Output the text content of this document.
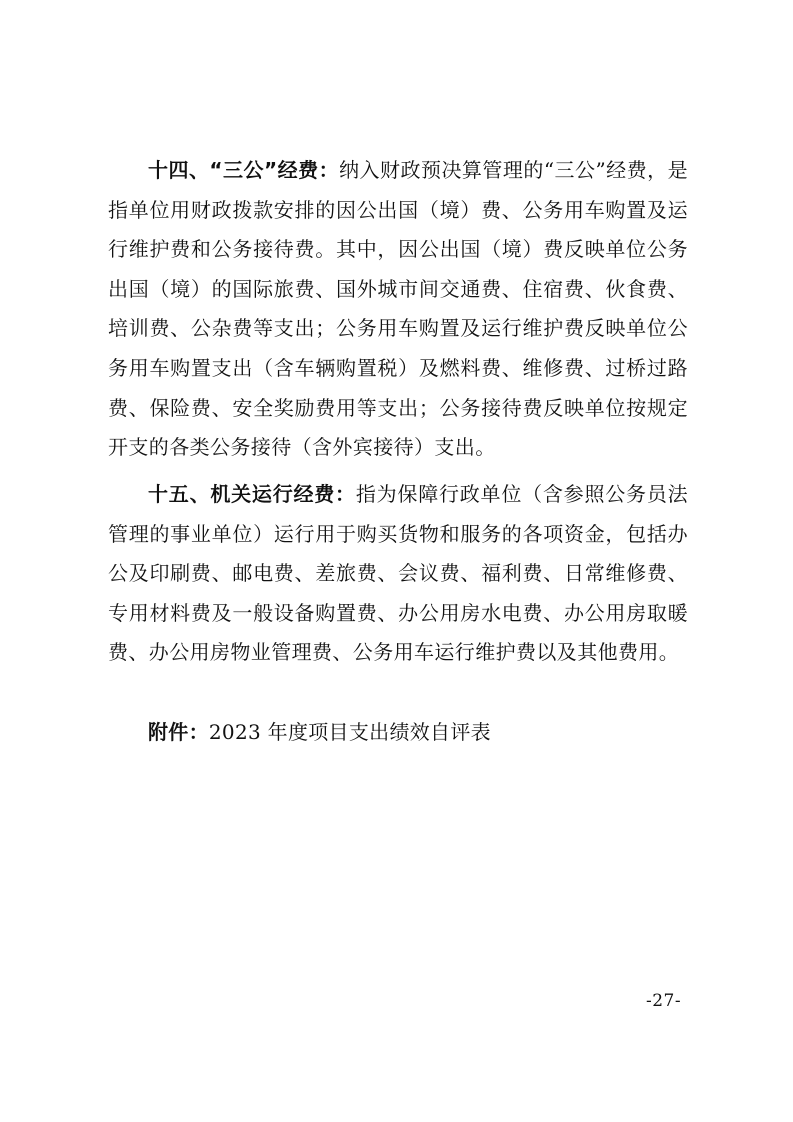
十四、“三公”经费：纳入财政预决算管理的“三公”经费，是指单位用财政拨款安排的因公出国（境）费、公务用车购置及运行维护费和公务接待费。其中，因公出国（境）费反映单位公务出国（境）的国际旅费、国外城市间交通费、住宿费、伙食费、培训费、公杂费等支出；公务用车购置及运行维护费反映单位公务用车购置支出（含车辆购置税）及燃料费、维修费、过桥过路费、保险费、安全奖励费用等支出；公务接待费反映单位按规定开支的各类公务接待（含外宾接待）支出。

十五、机关运行经费：指为保障行政单位（含参照公务员法管理的事业单位）运行用于购买货物和服务的各项资金，包括办公及印刷费、邮电费、差旅费、会议费、福利费、日常维修费、专用材料费及一般设备购置费、办公用房水电费、办公用房取暖费、办公用房物业管理费、公务用车运行维护费以及其他费用。

附件：2023 年度项目支出绩效自评表

-27-
